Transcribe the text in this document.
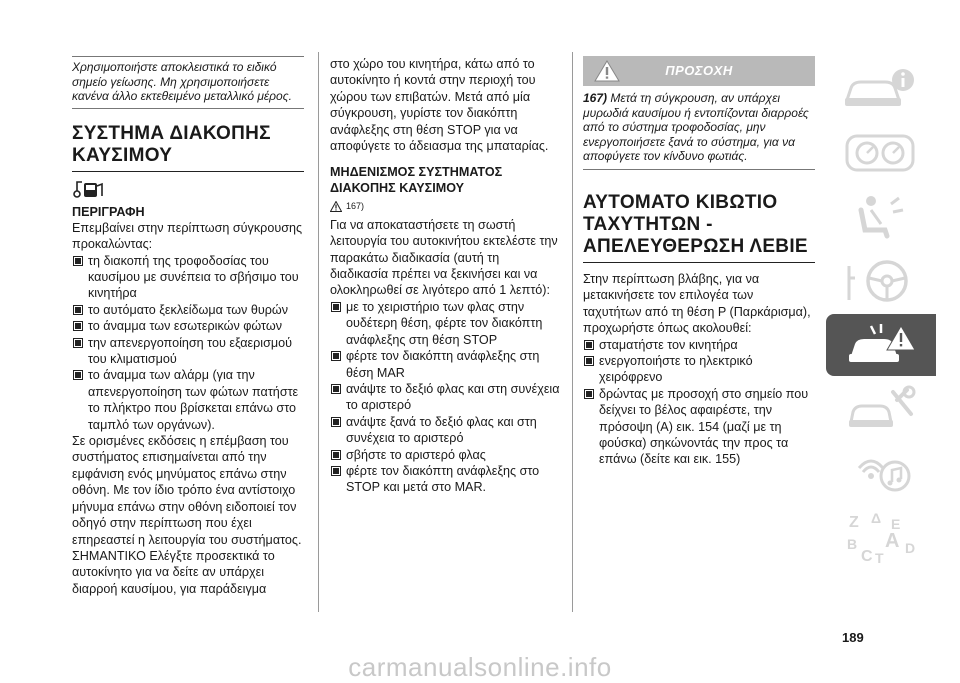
Χρησιμοποιήστε αποκλειστικά το ειδικό σημείο γείωσης. Μη χρησιμοποιήσετε κανένα άλλο εκτεθειμένο μεταλλικό μέρος.
ΣΥΣΤΗΜΑ ΔΙΑΚΟΠΗΣ ΚΑΥΣΙΜΟΥ
ΠΕΡΙΓΡΑΦΗ

Επεμβαίνει στην περίπτωση σύγκρουσης προκαλώντας:

τη διακοπή της τροφοδοσίας του καυσίμου με συνέπεια το σβήσιμο του κινητήρα
το αυτόματο ξεκλείδωμα των θυρών
το άναμμα των εσωτερικών φώτων
την απενεργοποίηση του εξαερισμού του κλιματισμού
το άναμμα των αλάρμ (για την απενεργοποίηση των φώτων πατήστε το πλήκτρο που βρίσκεται επάνω στο ταμπλό των οργάνων).

Σε ορισμένες εκδόσεις η επέμβαση του συστήματος επισημαίνεται από την εμφάνιση ενός μηνύματος επάνω στην οθόνη. Με τον ίδιο τρόπο ένα αντίστοιχο μήνυμα επάνω στην οθόνη ειδοποιεί τον οδηγό στην περίπτωση που έχει επηρεαστεί η λειτουργία του συστήματος.

ΣΗΜΑΝΤΙΚΟ Ελέγξτε προσεκτικά το αυτοκίνητο για να δείτε αν υπάρχει διαρροή καυσίμου, για παράδειγμα

στο χώρο του κινητήρα, κάτω από το αυτοκίνητο ή κοντά στην περιοχή του χώρου των επιβατών. Μετά από μία σύγκρουση, γυρίστε τον διακόπτη ανάφλεξης στη θέση STOP για να αποφύγετε το άδειασμα της μπαταρίας.

ΜΗΔΕΝΙΣΜΟΣ ΣΥΣΤΗΜΑΤΟΣ ΔΙΑΚΟΠΗΣ ΚΑΥΣΙΜΟΥ
167)

Για να αποκαταστήσετε τη σωστή λειτουργία του αυτοκινήτου εκτελέστε την παρακάτω διαδικασία (αυτή τη διαδικασία πρέπει να ξεκινήσει και να ολοκληρωθεί σε λιγότερο από 1 λεπτό):

με το χειριστήριο των φλας στην ουδέτερη θέση, φέρτε τον διακόπτη ανάφλεξης στη θέση STOP
φέρτε τον διακόπτη ανάφλεξης στη θέση MAR
ανάψτε το δεξιό φλας και στη συνέχεια το αριστερό
ανάψτε ξανά το δεξιό φλας και στη συνέχεια το αριστερό
σβήστε το αριστερό φλας
φέρτε τον διακόπτη ανάφλεξης στο STOP και μετά στο MAR.
ΠΡΟΣΟΧΗ
167) Μετά τη σύγκρουση, αν υπάρχει μυρωδιά καυσίμου ή εντοπίζονται διαρροές από το σύστημα τροφοδοσίας, μην ενεργοποιήσετε ξανά το σύστημα, για να αποφύγετε τον κίνδυνο φωτιάς.
ΑΥΤΟΜΑΤΟ ΚΙΒΩΤΙΟ ΤΑΧΥΤΗΤΩΝ - ΑΠΕΛΕΥΘΕΡΩΣΗ ΛΕΒΙΕ

Στην περίπτωση βλάβης, για να μετακινήσετε τον επιλογέα των ταχυτήτων από τη θέση P (Παρκάρισμα), προχωρήστε όπως ακολουθεί:

σταματήστε τον κινητήρα
ενεργοποιήστε το ηλεκτρικό χειρόφρενο
δρώντας με προσοχή στο σημείο που δείχνει το βέλος αφαιρέστε, την πρόσοψη (A) εικ. 154 (μαζί με τη φούσκα) σηκώνοντάς την προς τα επάνω (δείτε και εικ. 155)
Z Δ E
A
B
C D
T
189
carmanualsonline.info
